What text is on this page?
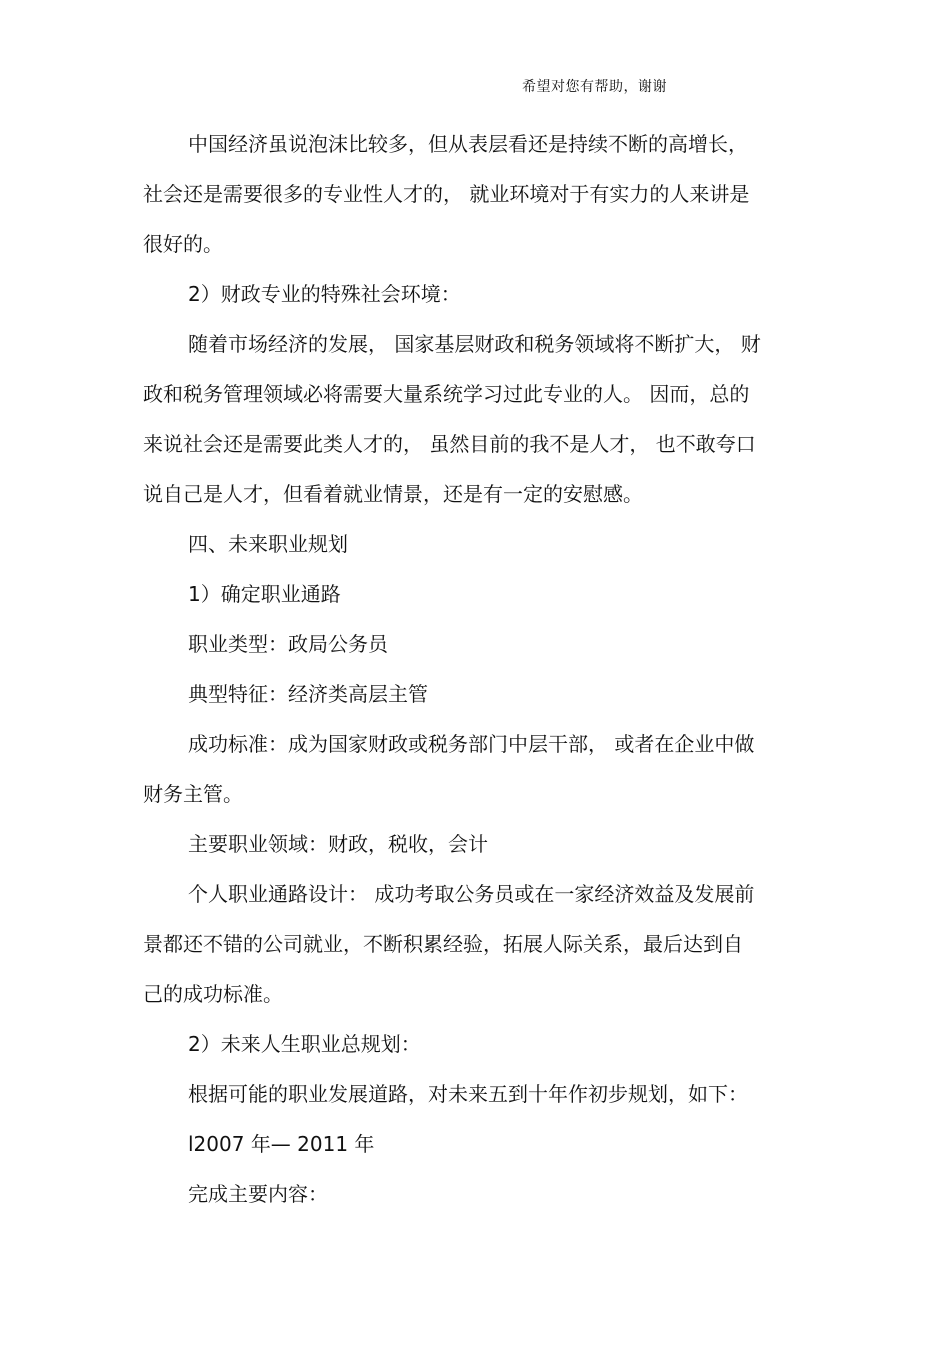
希望对您有帮助，谢谢
中国经济虽说泡沫比较多，但从表层看还是持续不断的高增长，
社会还是需要很多的专业性人才的， 就业环境对于有实力的人来讲是
很好的。
2）财政专业的特殊社会环境：
随着市场经济的发展， 国家基层财政和税务领域将不断扩大， 财
政和税务管理领域必将需要大量系统学习过此专业的人。 因而，总的
来说社会还是需要此类人才的， 虽然目前的我不是人才， 也不敢夸口
说自己是人才，但看着就业情景，还是有一定的安慰感。
四、未来职业规划
1）确定职业通路
职业类型：政局公务员
典型特征：经济类高层主管
成功标准：成为国家财政或税务部门中层干部， 或者在企业中做
财务主管。
主要职业领域：财政，税收，会计
个人职业通路设计： 成功考取公务员或在一家经济效益及发展前
景都还不错的公司就业，不断积累经验，拓展人际关系，最后达到自
己的成功标准。
2）未来人生职业总规划：
根据可能的职业发展道路，对未来五到十年作初步规划，如下：
l2007 年— 2011 年
完成主要内容：
